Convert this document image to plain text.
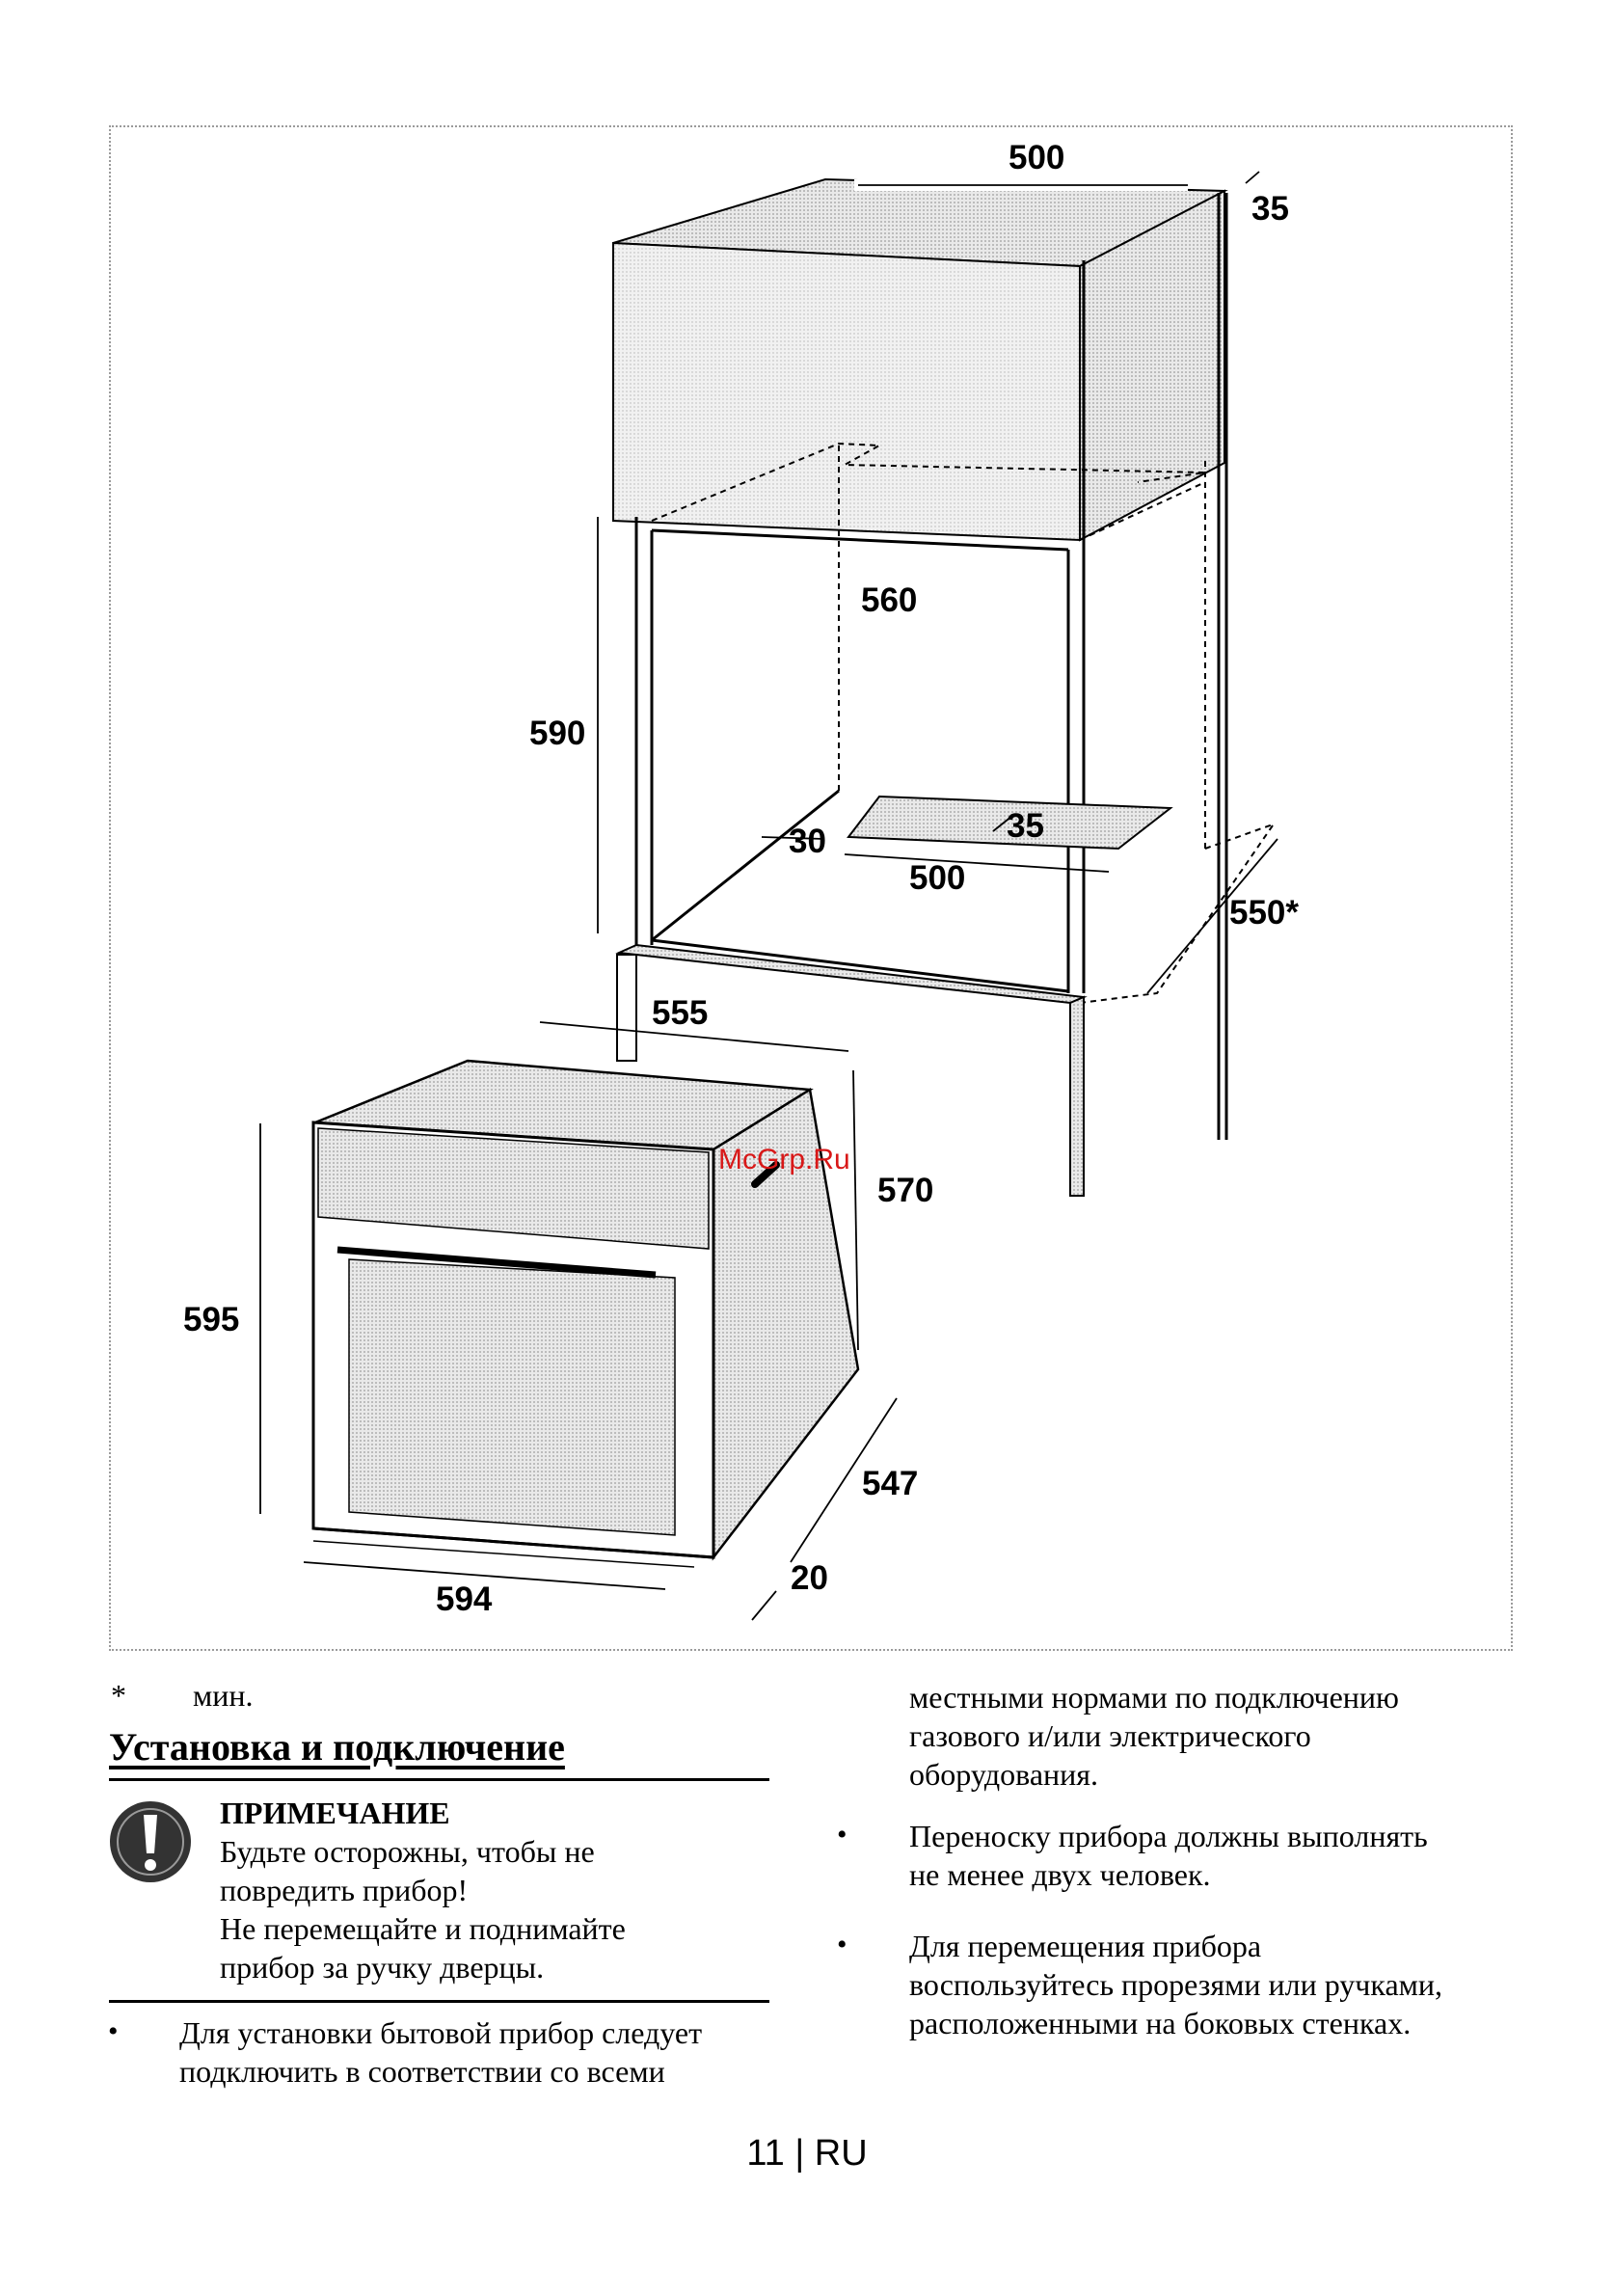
500
35
560
590
35
30
500
550*
555
570
595
547
20
594
McGrp.Ru
* мин.
Установка и подключение
ПРИМЕЧАНИЕ
Будьте осторожны, чтобы не
повредить прибор!
Не перемещайте и поднимайте
прибор за ручку дверцы.
• Для установки бытовой прибор следует
подключить в соответствии со всеми
местными нормами по подключению
газового и/или электрического
оборудования.
• Переноску прибора должны выполнять
не менее двух человек.
• Для перемещения прибора
воспользуйтесь прорезями или ручками,
расположенными на боковых стенках.
11 | RU
